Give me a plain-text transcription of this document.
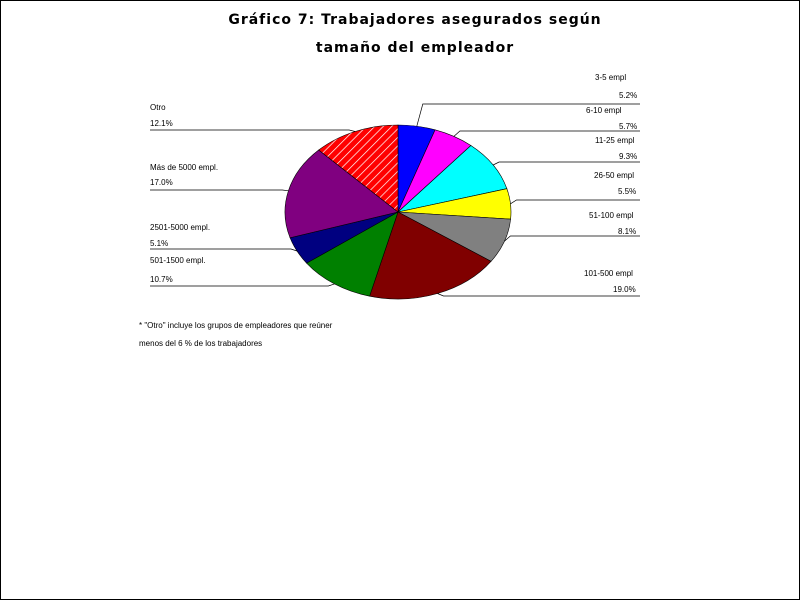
Gráfico 7: Trabajadores asegurados según
tamaño del empleador
3-5 empl
5.2%
6-10 empl
5.7%
11-25 empl
9.3%
26-50 empl
5.5%
51-100 empl
8.1%
101-500 empl
19.0%
501-1500 empl.
10.7%
2501-5000 empl.
5.1%
Más de 5000 empl.
17.0%
Otro
12.1%
* "Otro" incluye los grupos de empleadores que reúner
menos del 6 % de los trabajadores
